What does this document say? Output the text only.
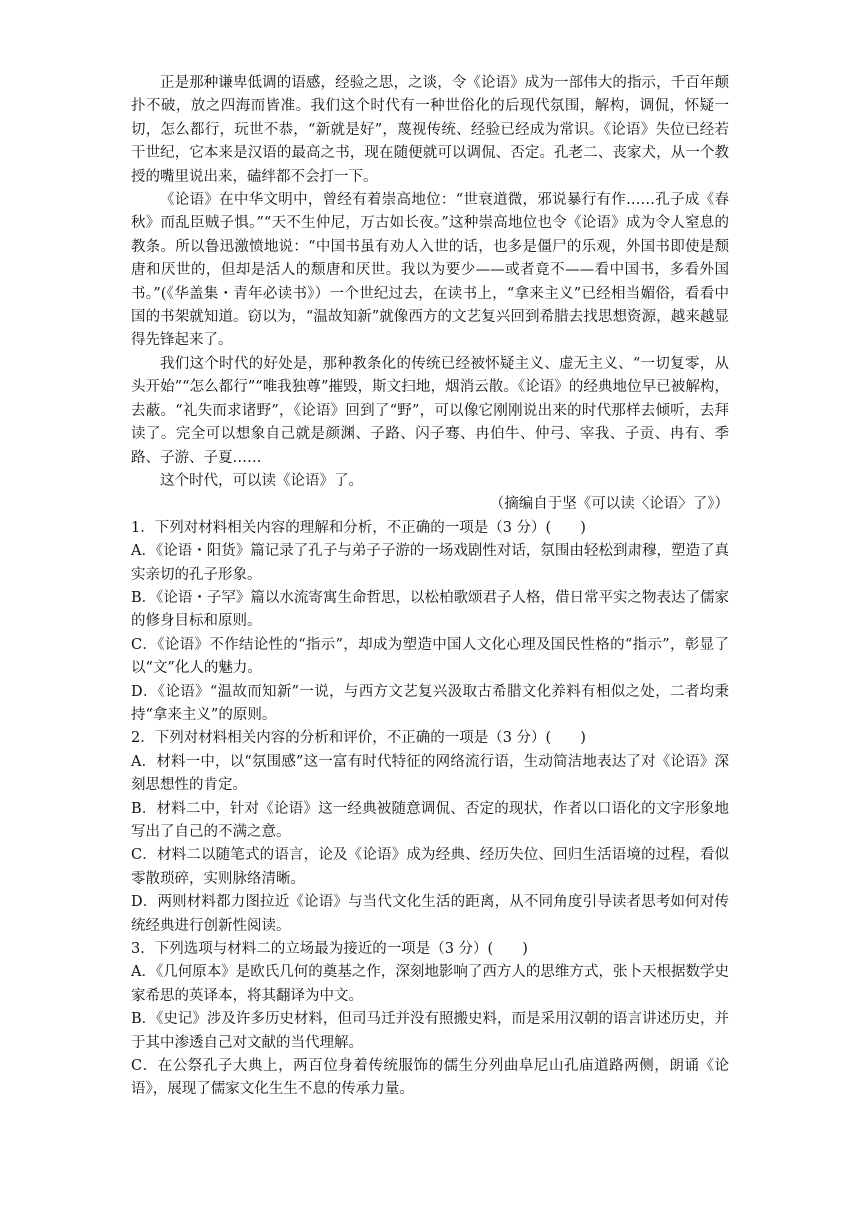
正是那种谦卑低调的语感，经验之思，之谈，令《论语》成为一部伟大的指示，千百年颠扑不破，放之四海而皆准。我们这个时代有一种世俗化的后现代氛围，解构，调侃，怀疑一切，怎么都行，玩世不恭，“新就是好”，蔑视传统、经验已经成为常识。《论语》失位已经若干世纪，它本来是汉语的最高之书，现在随便就可以调侃、否定。孔老二、丧家犬，从一个教授的嘴里说出来，磕绊都不会打一下。

《论语》在中华文明中，曾经有着崇高地位：“世衰道微，邪说暴行有作……孔子成《春秋》而乱臣贼子惧。”“天不生仲尼，万古如长夜。”这种崇高地位也令《论语》成为令人窒息的教条。所以鲁迅激愤地说：“中国书虽有劝人入世的话，也多是僵尸的乐观，外国书即使是颓唐和厌世的，但却是活人的颓唐和厌世。我以为要少——或者竟不——看中国书，多看外国书。”(《华盖集・青年必读书》）一个世纪过去，在读书上，“拿来主义”已经相当媚俗，看看中国的书架就知道。窃以为，“温故知新”就像西方的文艺复兴回到希腊去找思想资源，越来越显得先锋起来了。

我们这个时代的好处是，那种教条化的传统已经被怀疑主义、虚无主义、“一切复零，从头开始”“怎么都行”“唯我独尊”摧毁，斯文扫地，烟消云散。《论语》的经典地位早已被解构，去蔽。“礼失而求诸野”，《论语》回到了“野”，可以像它刚刚说出来的时代那样去倾听，去拜读了。完全可以想象自己就是颜渊、子路、闪子骞、冉伯牛、仲弓、宰我、子贡、冉有、季路、子游、子夏……

这个时代，可以读《论语》了。

（摘编自于坚《可以读〈论语〉了》）

1．下列对材料相关内容的理解和分析，不正确的一项是（3 分）(　　)

A．《论语・阳货》篇记录了孔子与弟子子游的一场戏剧性对话，氛围由轻松到肃穆，塑造了真实亲切的孔子形象。

B．《论语・子罕》篇以水流寄寓生命哲思，以松柏歌颂君子人格，借日常平实之物表达了儒家的修身目标和原则。

C．《论语》不作结论性的“指示”，却成为塑造中国人文化心理及国民性格的“指示”，彰显了以“文”化人的魅力。

D．《论语》“温故而知新”一说，与西方文艺复兴汲取古希腊文化养料有相似之处，二者均秉持“拿来主义”的原则。

2．下列对材料相关内容的分析和评价，不正确的一项是（3 分）(　　)

A．材料一中，以“氛围感”这一富有时代特征的网络流行语，生动简洁地表达了对《论语》深刻思想性的肯定。

B．材料二中，针对《论语》这一经典被随意调侃、否定的现状，作者以口语化的文字形象地写出了自己的不满之意。

C．材料二以随笔式的语言，论及《论语》成为经典、经历失位、回归生活语境的过程，看似零散琐碎，实则脉络清晰。

D．两则材料都力图拉近《论语》与当代文化生活的距离，从不同角度引导读者思考如何对传统经典进行创新性阅读。

3．下列选项与材料二的立场最为接近的一项是（3 分）(　　)

A．《几何原本》是欧氏几何的奠基之作，深刻地影响了西方人的思维方式，张卜天根据数学史家希思的英译本，将其翻译为中文。

B．《史记》涉及许多历史材料，但司马迁并没有照搬史料，而是采用汉朝的语言讲述历史，并于其中渗透自己对文献的当代理解。

C．在公祭孔子大典上，两百位身着传统服饰的儒生分列曲阜尼山孔庙道路两侧，朗诵《论语》，展现了儒家文化生生不息的传承力量。
